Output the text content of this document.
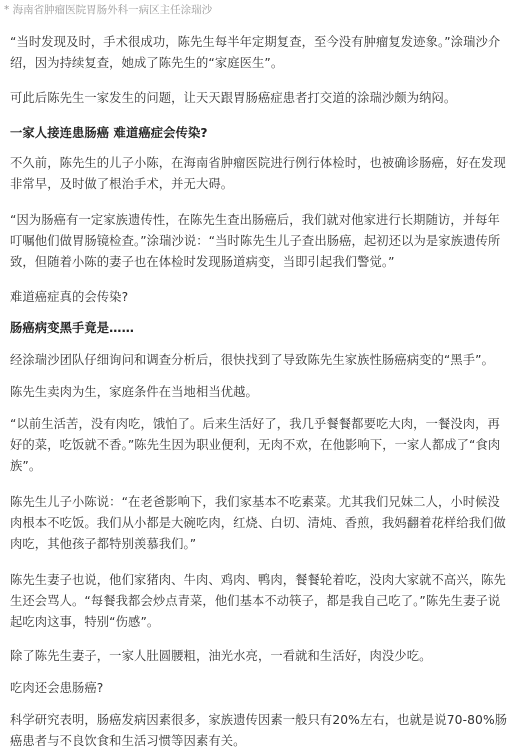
* 海南省肿瘤医院胃肠外科一病区主任涂瑞沙

“当时发现及时，手术很成功，陈先生每半年定期复查，至今没有肿瘤复发迹象。”涂瑞沙介绍，因为持续复查，她成了陈先生的“家庭医生”。

可此后陈先生一家发生的问题，让天天跟胃肠癌症患者打交道的涂瑞沙颇为纳闷。

一家人接连患肠癌 难道癌症会传染?

不久前，陈先生的儿子小陈，在海南省肿瘤医院进行例行体检时，也被确诊肠癌，好在发现非常早，及时做了根治手术，并无大碍。

“因为肠癌有一定家族遗传性，在陈先生查出肠癌后，我们就对他家进行长期随访，并每年叮嘱他们做胃肠镜检查。”涂瑞沙说：“当时陈先生儿子查出肠癌，起初还以为是家族遗传所致，但随着小陈的妻子也在体检时发现肠道病变，当即引起我们警觉。”

难道癌症真的会传染?

肠癌病变黑手竟是……

经涂瑞沙团队仔细询问和调查分析后，很快找到了导致陈先生家族性肠癌病变的“黑手”。

陈先生卖肉为生，家庭条件在当地相当优越。

“以前生活苦，没有肉吃，饿怕了。后来生活好了，我几乎餐餐都要吃大肉，一餐没肉，再好的菜，吃饭就不香。”陈先生因为职业便利，无肉不欢，在他影响下，一家人都成了“食肉族”。

陈先生儿子小陈说：“在老爸影响下，我们家基本不吃素菜。尤其我们兄妹二人，小时候没肉根本不吃饭。我们从小都是大碗吃肉，红烧、白切、清炖、香煎，我妈翻着花样给我们做肉吃，其他孩子都特别羡慕我们。”

陈先生妻子也说，他们家猪肉、牛肉、鸡肉、鸭肉，餐餐轮着吃，没肉大家就不高兴，陈先生还会骂人。“每餐我都会炒点青菜，他们基本不动筷子，都是我自己吃了。”陈先生妻子说起吃肉这事，特别“伤感”。

除了陈先生妻子，一家人肚圆腰粗，油光水亮，一看就和生活好，肉没少吃。

吃肉还会患肠癌?

科学研究表明，肠癌发病因素很多，家族遗传因素一般只有20%左右，也就是说70-80%肠癌患者与不良饮食和生活习惯等因素有关。
